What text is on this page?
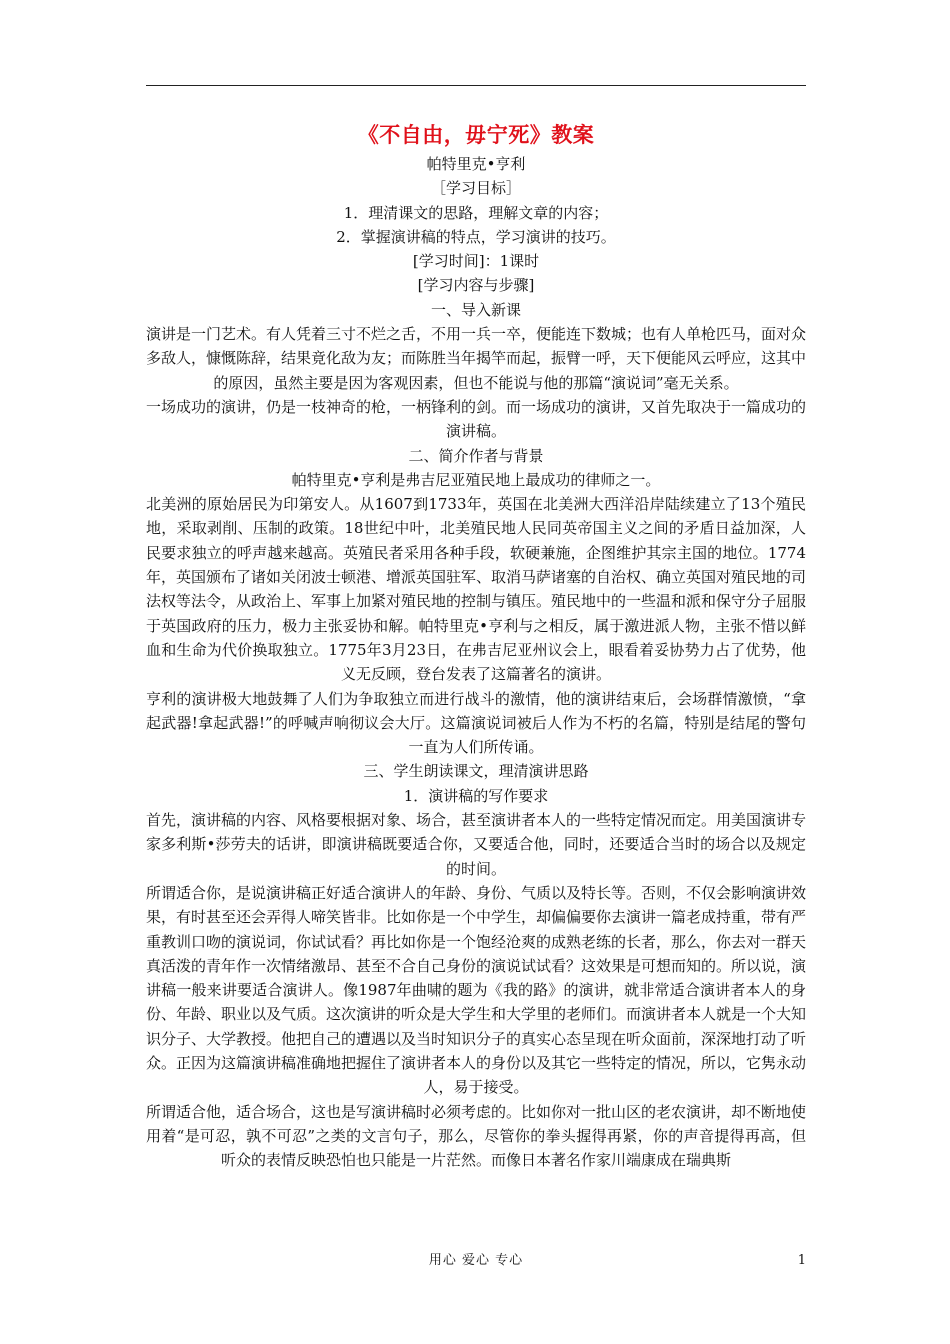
《不自由，毋宁死》教案

帕特里克•亨利

［学习目标］

1．理清课文的思路，理解文章的内容；

2．掌握演讲稿的特点，学习演讲的技巧。

[学习时间]：1课时

[学习内容与步骤]

一、导入新课

演讲是一门艺术。有人凭着三寸不烂之舌，不用一兵一卒，便能连下数城；也有人单枪匹马，面对众多敌人，慷慨陈辞，结果竟化敌为友；而陈胜当年揭竿而起，振臂一呼，天下便能风云呼应，这其中的原因，虽然主要是因为客观因素，但也不能说与他的那篇“演说词”毫无关系。

一场成功的演讲，仍是一枝神奇的枪，一柄锋利的剑。而一场成功的演讲，又首先取决于一篇成功的演讲稿。

二、简介作者与背景

帕特里克•亨利是弗吉尼亚殖民地上最成功的律师之一。

北美洲的原始居民为印第安人。从1607到1733年，英国在北美洲大西洋沿岸陆续建立了13个殖民地，采取剥削、压制的政策。18世纪中叶，北美殖民地人民同英帝国主义之间的矛盾日益加深，人民要求独立的呼声越来越高。英殖民者采用各种手段，软硬兼施，企图维护其宗主国的地位。1774年，英国颁布了诸如关闭波士顿港、增派英国驻军、取消马萨诸塞的自治权、确立英国对殖民地的司法权等法令，从政治上、军事上加紧对殖民地的控制与镇压。殖民地中的一些温和派和保守分子屈服于英国政府的压力，极力主张妥协和解。帕特里克•亨利与之相反，属于激进派人物，主张不惜以鲜血和生命为代价换取独立。1775年3月23日，在弗吉尼亚州议会上，眼看着妥协势力占了优势，他义无反顾，登台发表了这篇著名的演讲。

亨利的演讲极大地鼓舞了人们为争取独立而进行战斗的激情，他的演讲结束后，会场群情激愤，“拿起武器!拿起武器!”的呼喊声响彻议会大厅。这篇演说词被后人作为不朽的名篇，特别是结尾的警句一直为人们所传诵。

三、学生朗读课文，理清演讲思路

1．演讲稿的写作要求

首先，演讲稿的内容、风格要根据对象、场合，甚至演讲者本人的一些特定情况而定。用美国演讲专家多利斯•莎劳夫的话讲，即演讲稿既要适合你，又要适合他，同时，还要适合当时的场合以及规定的时间。

所谓适合你，是说演讲稿正好适合演讲人的年龄、身份、气质以及特长等。否则，不仅会影响演讲效果，有时甚至还会弄得人啼笑皆非。比如你是一个中学生，却偏偏要你去演讲一篇老成持重，带有严重教训口吻的演说词，你试试看？再比如你是一个饱经沧爽的成熟老练的长者，那么，你去对一群天真活泼的青年作一次情绪激昂、甚至不合自己身份的演说试试看？这效果是可想而知的。所以说，演讲稿一般来讲要适合演讲人。像1987年曲啸的题为《我的路》的演讲，就非常适合演讲者本人的身份、年龄、职业以及气质。这次演讲的听众是大学生和大学里的老师们。而演讲者本人就是一个大知识分子、大学教授。他把自己的遭遇以及当时知识分子的真实心态呈现在听众面前，深深地打动了听众。正因为这篇演讲稿准确地把握住了演讲者本人的身份以及其它一些特定的情况，所以，它隽永动人，易于接受。

所谓适合他，适合场合，这也是写演讲稿时必须考虑的。比如你对一批山区的老农演讲，却不断地使用着“是可忍，孰不可忍”之类的文言句子，那么，尽管你的拳头握得再紧，你的声音提得再高，但听众的表情反映恐怕也只能是一片茫然。而像日本著名作家川端康成在瑞典斯

用心 爱心 专心	1
